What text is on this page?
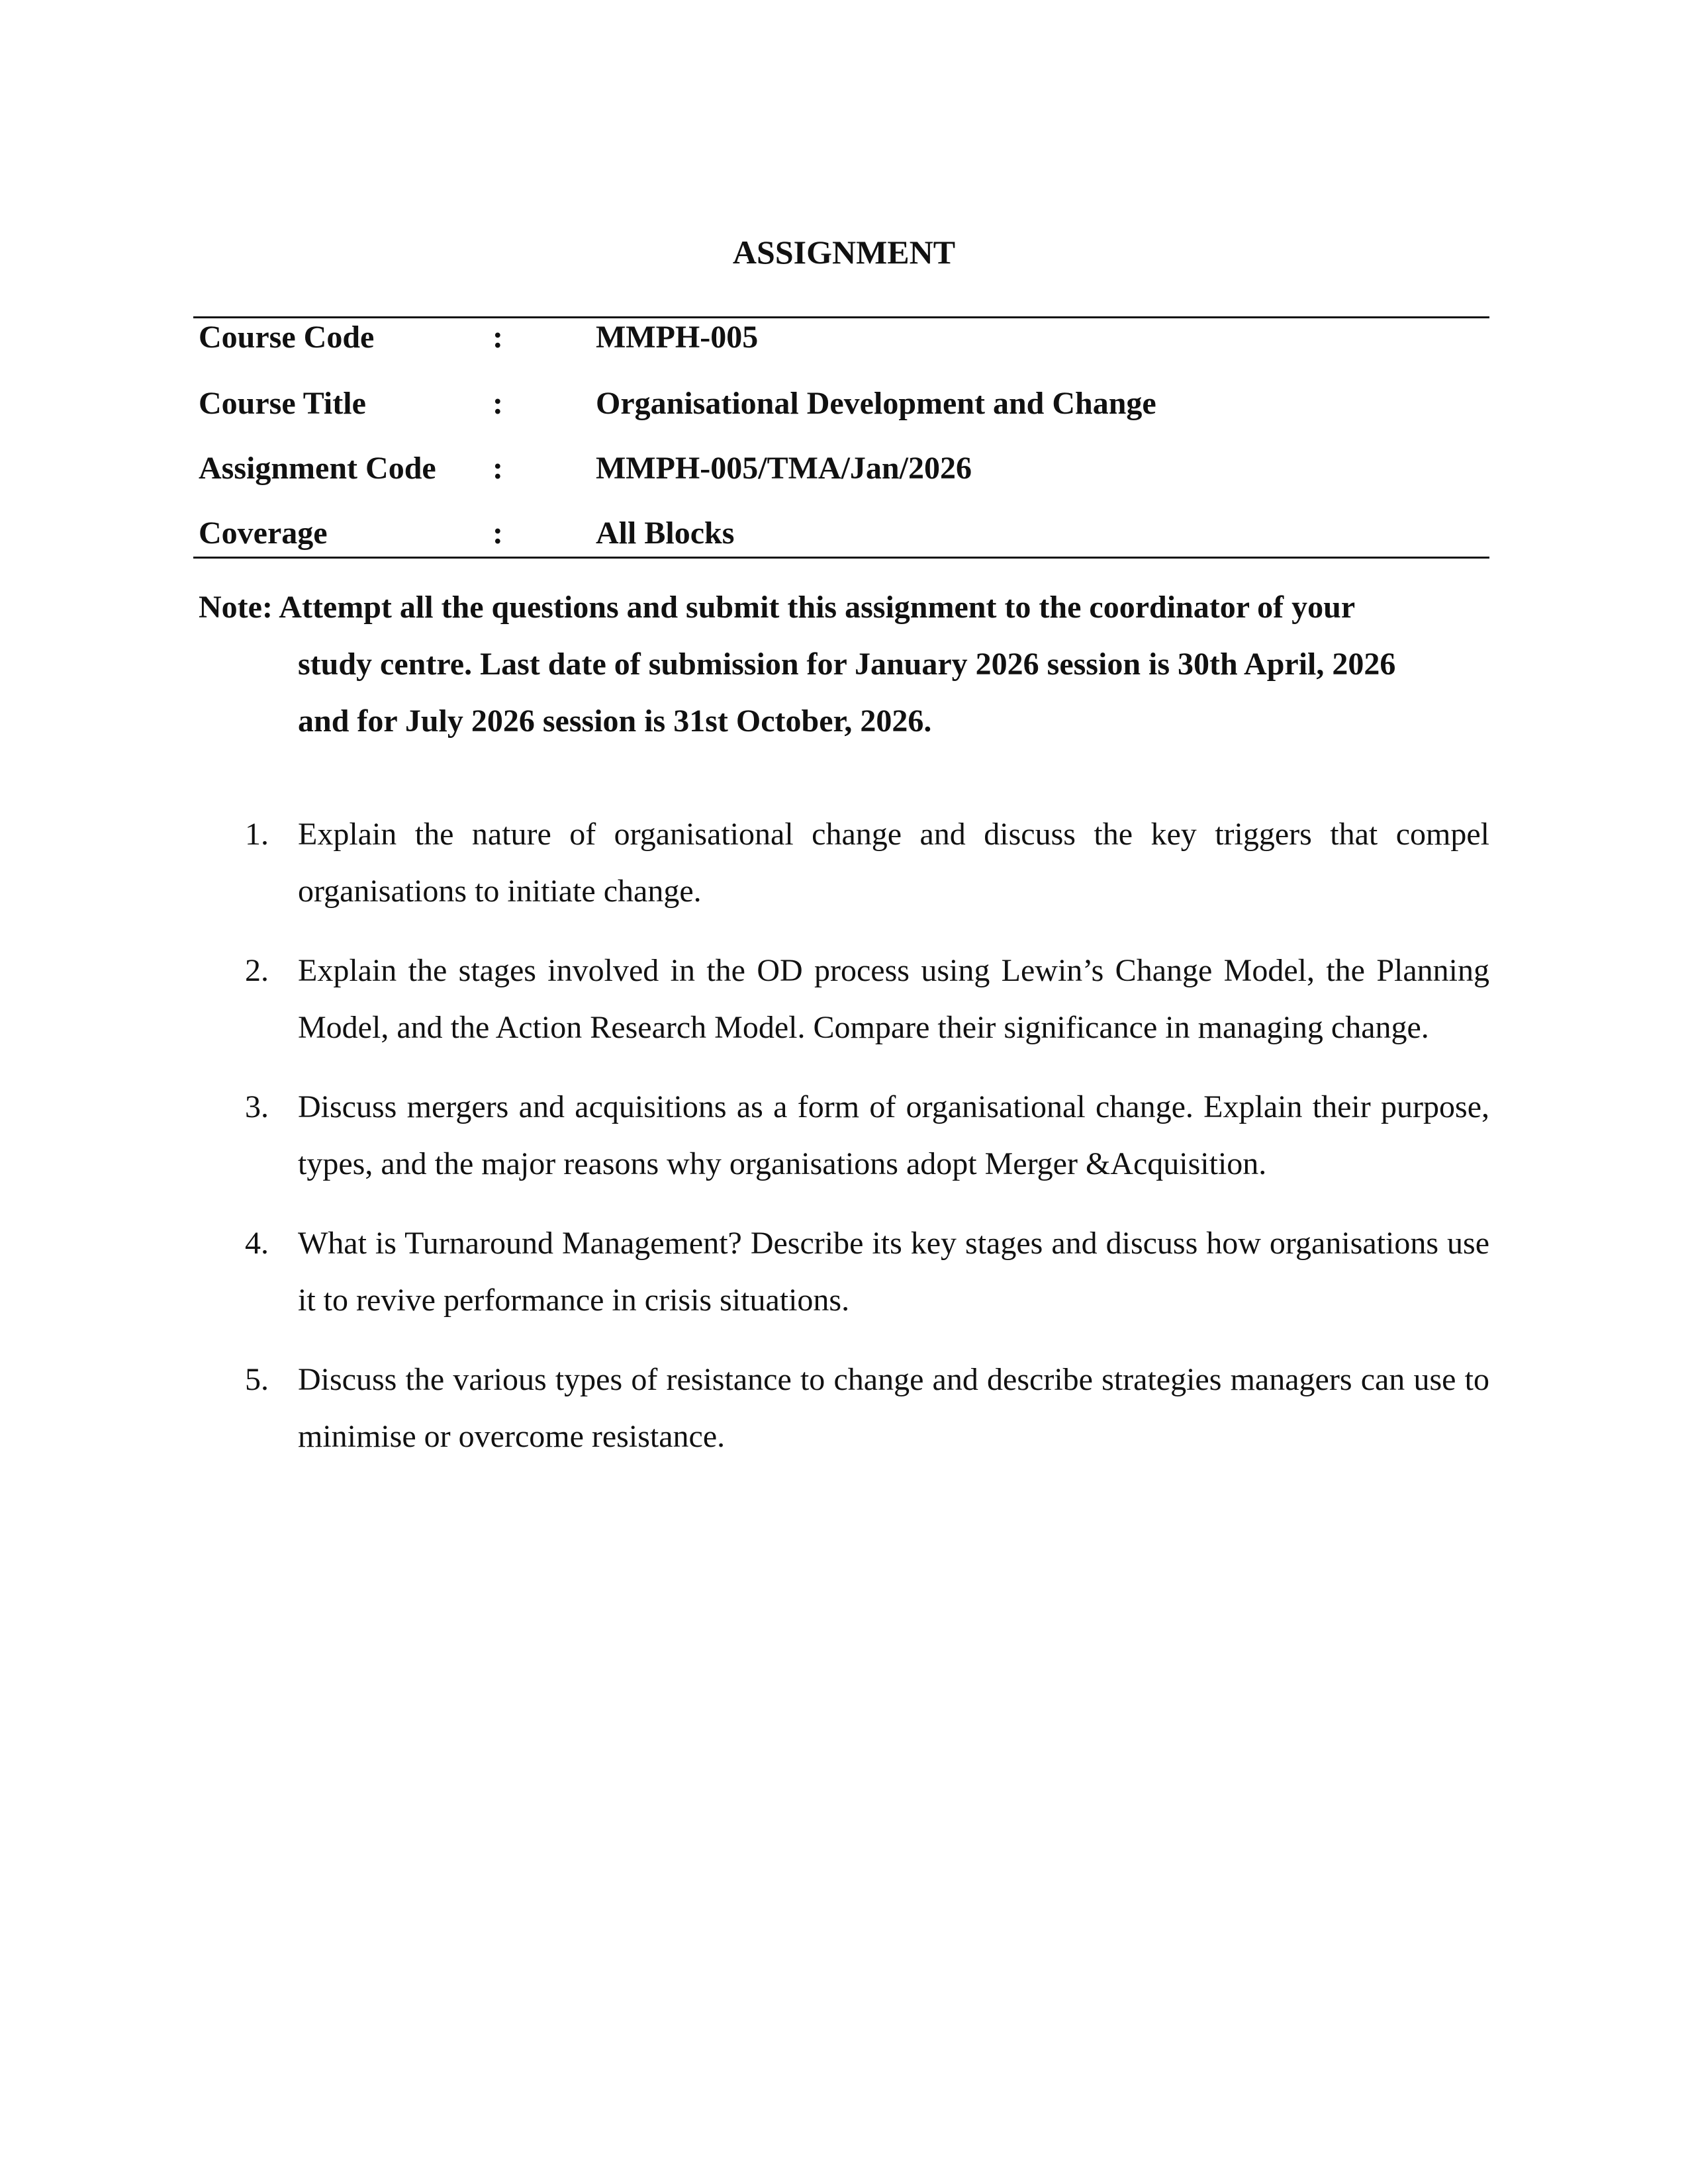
ASSIGNMENT
Course Code	:	MMPH-005
Course Title	:	Organisational Development and Change
Assignment Code :	MMPH-005/TMA/Jan/2026
Coverage	:	All Blocks
Note: Attempt all the questions and submit this assignment to the coordinator of your
study centre. Last date of submission for January 2026 session is 30th April, 2026
and for July 2026 session is 31st October, 2026.
1. Explain the nature of organisational change and discuss the key triggers that compel organisations to initiate change.
2. Explain the stages involved in the OD process using Lewin’s Change Model, the Planning Model, and the Action Research Model. Compare their significance in managing change.
3. Discuss mergers and acquisitions as a form of organisational change. Explain their purpose, types, and the major reasons why organisations adopt Merger &Acquisition.
4. What is Turnaround Management? Describe its key stages and discuss how organisations use it to revive performance in crisis situations.
5. Discuss the various types of resistance to change and describe strategies managers can use to minimise or overcome resistance.
